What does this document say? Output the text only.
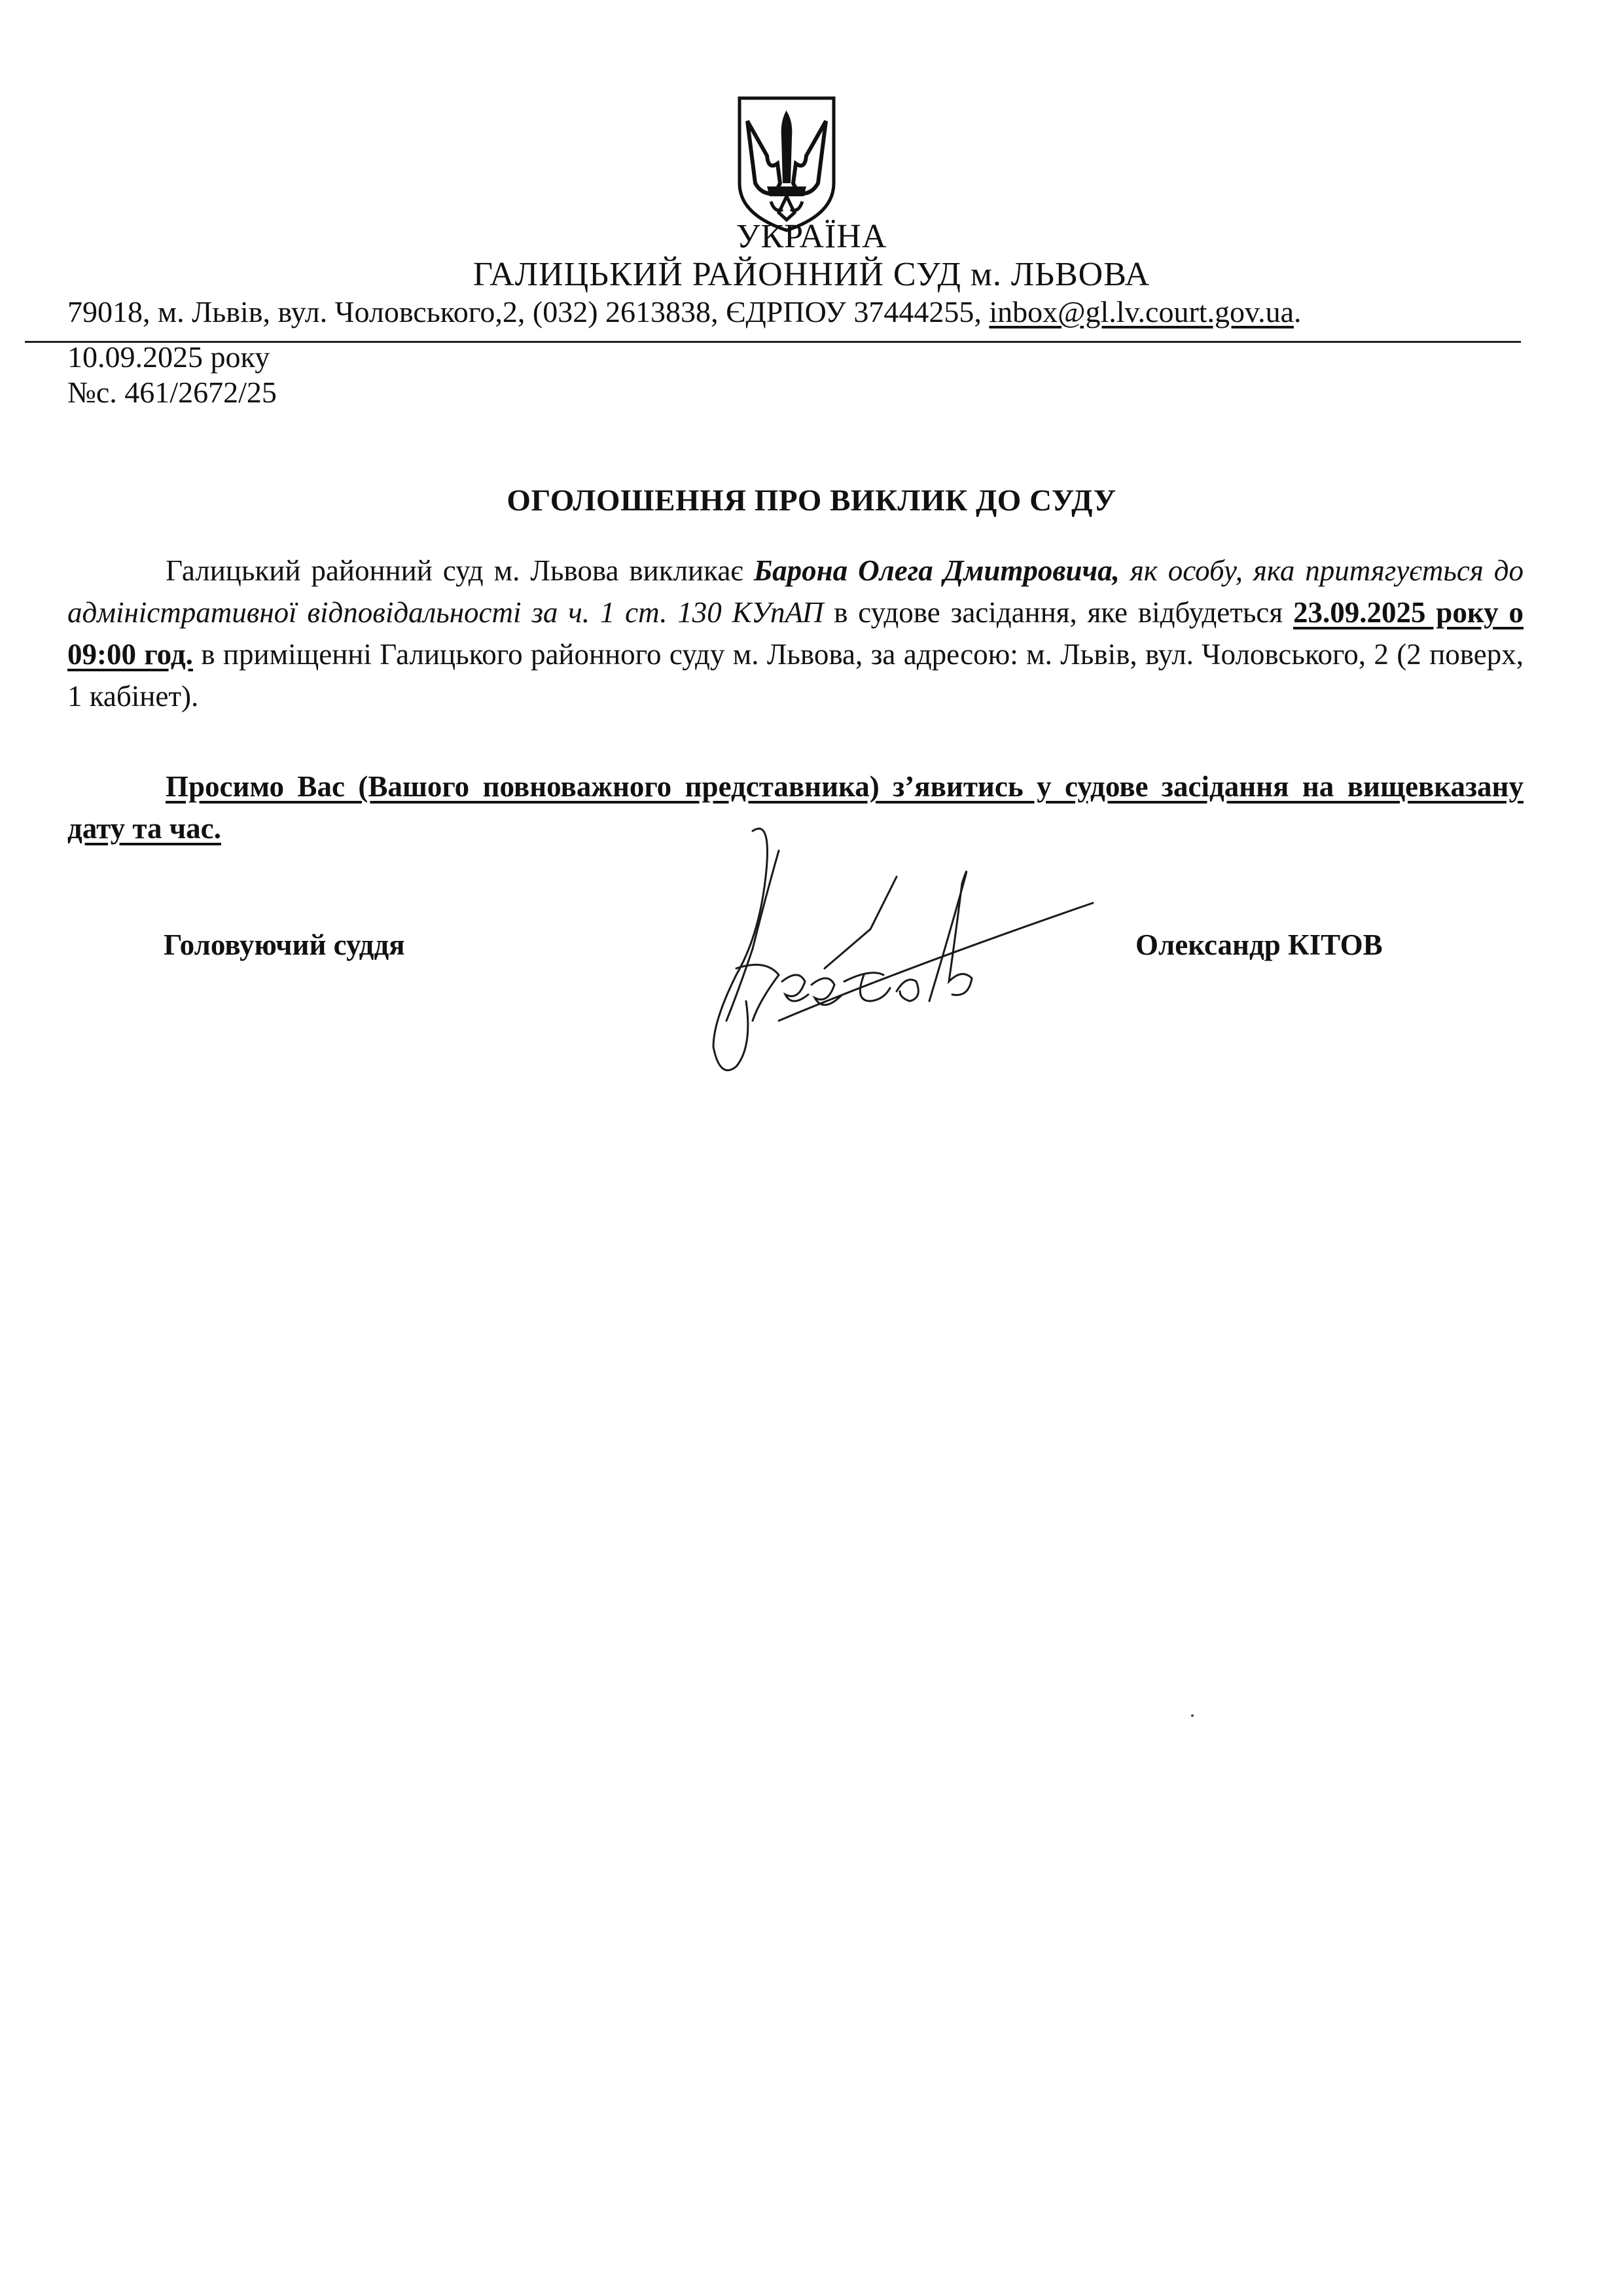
УКРАЇНА
ГАЛИЦЬКИЙ РАЙОННИЙ СУД м. ЛЬВОВА
79018, м. Львів, вул. Чоловського,2, (032) 2613838, ЄДРПОУ 37444255, inbox@gl.lv.court.gov.ua.
10.09.2025 року
№с. 461/2672/25
ОГОЛОШЕННЯ ПРО ВИКЛИК ДО СУДУ
Галицький районний суд м. Львова викликає Барона Олега Дмитровича, як особу, яка притягується до адміністративної відповідальності за ч. 1 ст. 130 КУпАП в судове засідання, яке відбудеться 23.09.2025 року о 09:00 год. в приміщенні Галицького районного суду м. Львова, за адресою: м. Львів, вул. Чоловського, 2 (2 поверх, 1 кабінет).
Просимо Вас (Вашого повноважного представника) з’явитись у судове засідання на вищевказану дату та час.
Головуючий суддя	Олександр КІТОВ
